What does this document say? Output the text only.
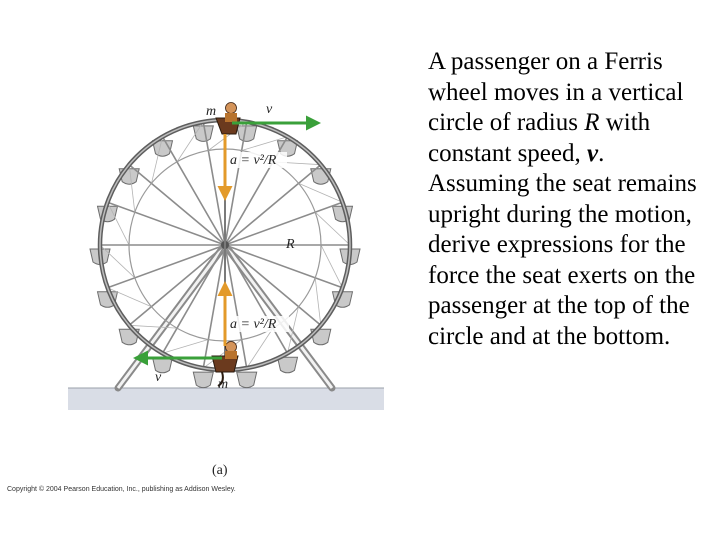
m	v
a = v²/R
R
a = v²/R
v	m
(a)
Copyright © 2004 Pearson Education, Inc., publishing as Addison Wesley.
A passenger on a Ferris wheel moves in a vertical circle of radius R with constant speed, v. Assuming the seat remains upright during the motion, derive expressions for the force the seat exerts on the passenger at the top of the circle and at the bottom.
